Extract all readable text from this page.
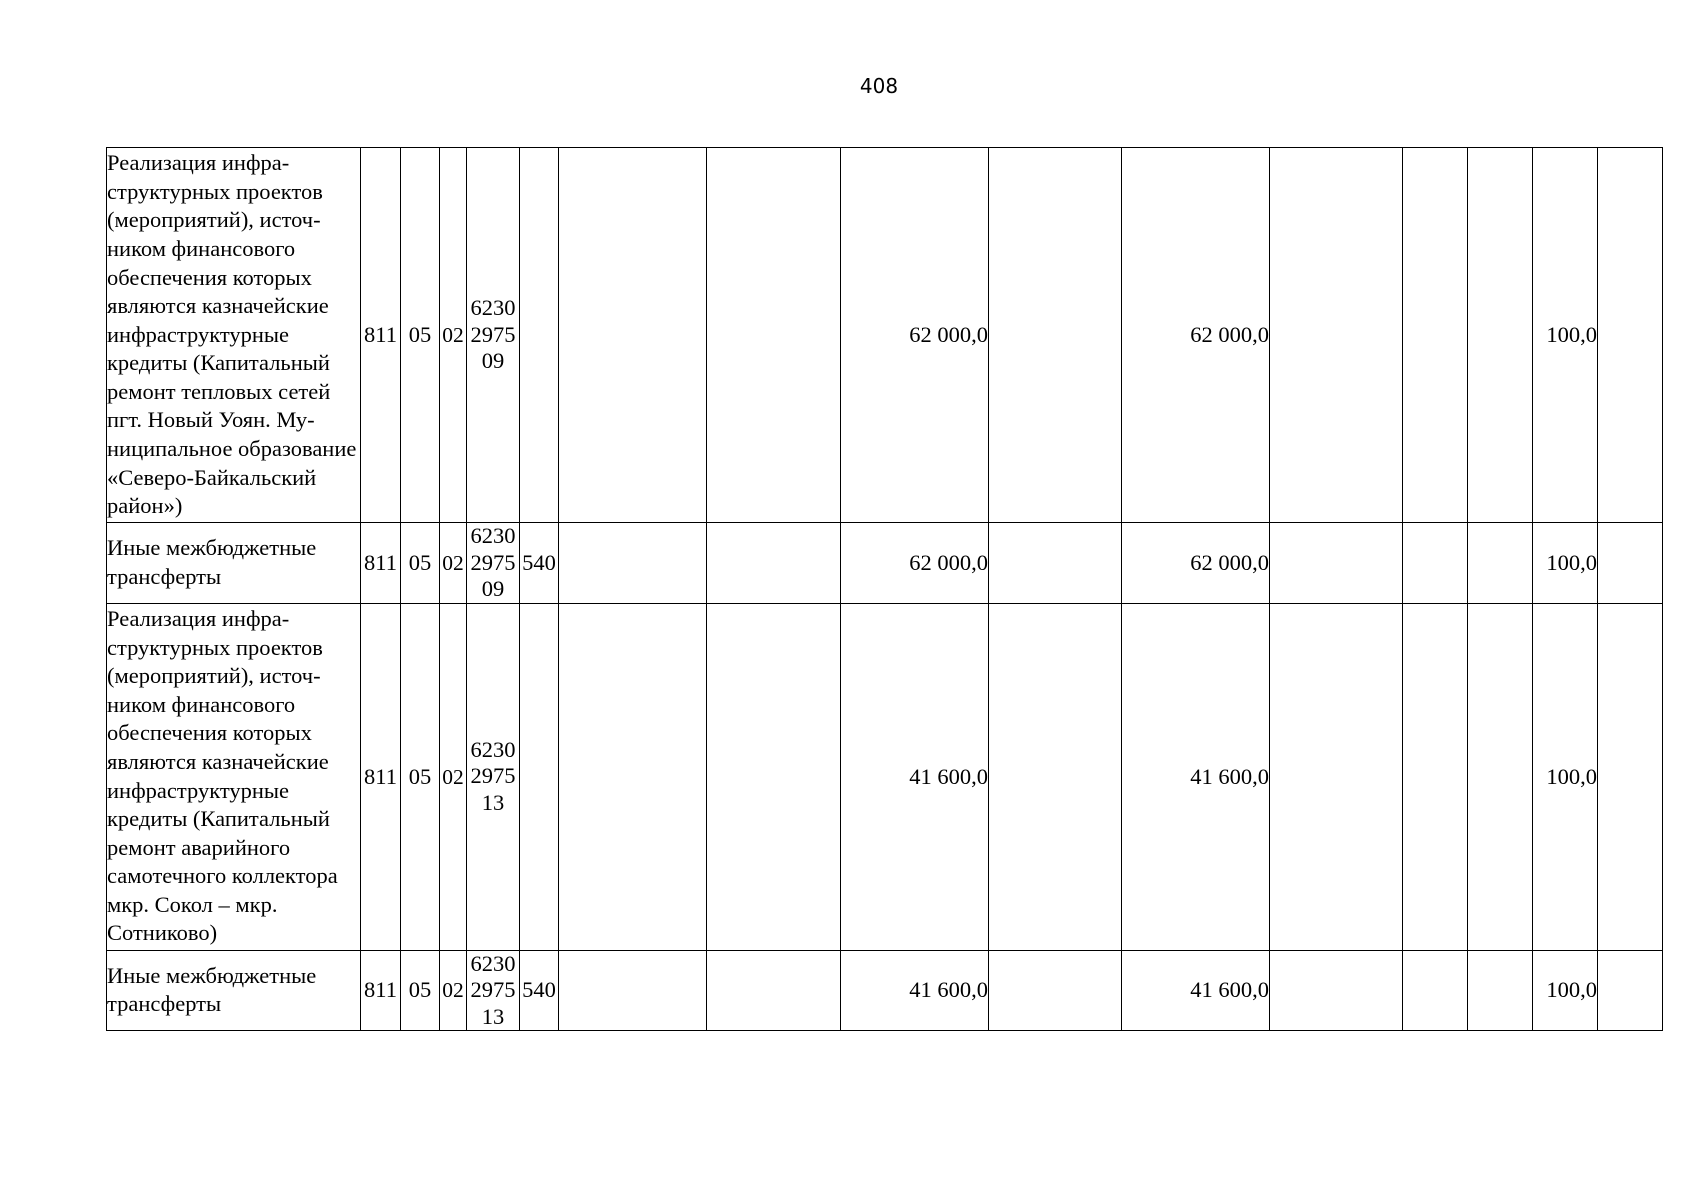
408
Реализация инфраструктурных проектов (мероприятий), источником финансового обеспечения которых являются казначейские инфраструктурные кредиты (Капитальный ремонт тепловых сетей пгт. Новый Уоян. Муниципальное образование «Северо-Байкальский район»)	811	05	02	6230 2975 09				62 000,0		62 000,0				100,0	
Иные межбюджетные трансферты	811	05	02	6230 2975 09	540			62 000,0		62 000,0				100,0	
Реализация инфраструктурных проектов (мероприятий), источником финансового обеспечения которых являются казначейские инфраструктурные кредиты (Капитальный ремонт аварийного самотечного коллектора мкр. Сокол – мкр. Сотниково)	811	05	02	6230 2975 13				41 600,0		41 600,0				100,0	
Иные межбюджетные трансферты	811	05	02	6230 2975 13	540			41 600,0		41 600,0				100,0	
